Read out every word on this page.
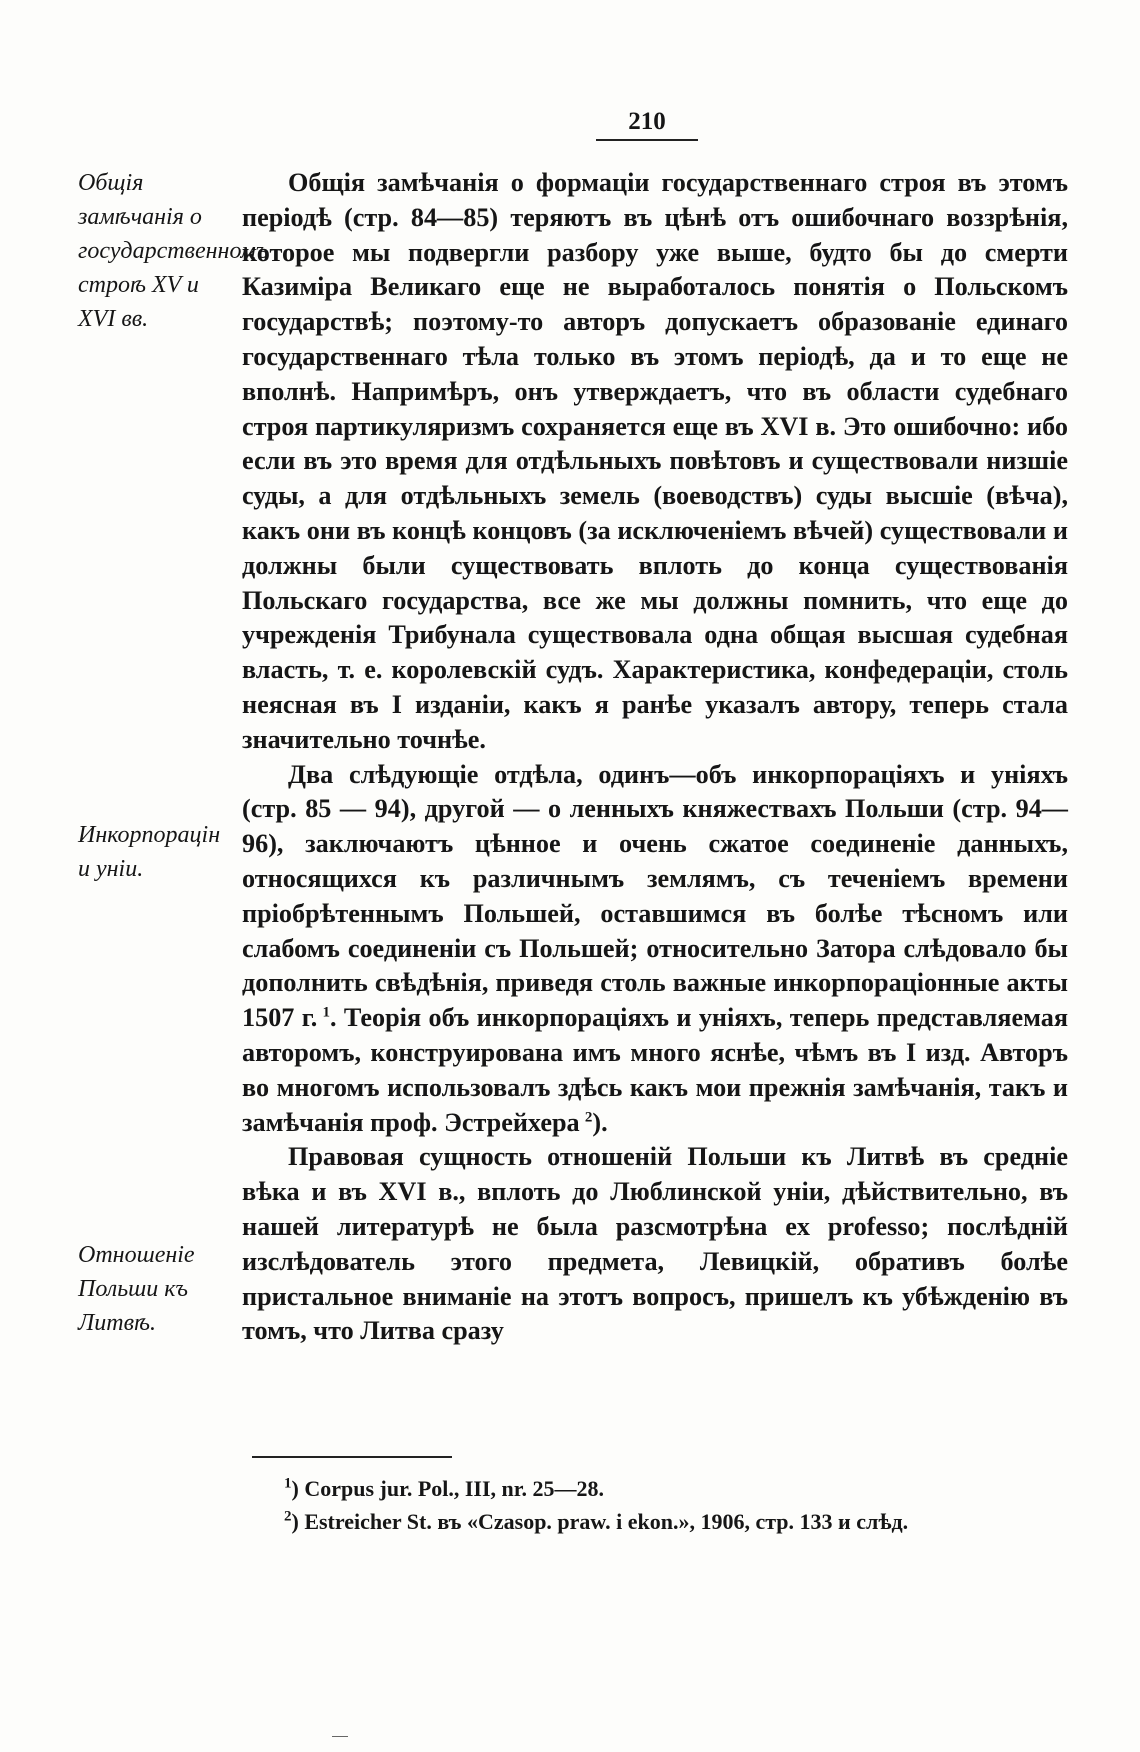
210
Общія замѣчанія о государственномъ строѣ XV и XVI вв.
Инкорпорацін и уніи.
Отношеніе Польши къ Литвѣ.

Общія замѣчанія о формаціи государственнаго строя въ этомъ періодѣ (стр. 84—85) теряютъ въ цѣнѣ отъ ошибочнаго воззрѣнія, которое мы подвергли разбору уже выше, будто бы до смерти Казиміра Великаго еще не выработалось понятія о Польскомъ государствѣ; поэтому-то авторъ допускаетъ образованіе единаго государственнаго тѣла только въ этомъ періодѣ, да и то еще не вполнѣ. Напримѣръ, онъ утверждаетъ, что въ области судебнаго строя партикуляризмъ сохраняется еще въ XVI в. Это ошибочно: ибо если въ это время для отдѣльныхъ повѣтовъ и существовали низшіе суды, а для отдѣльныхъ земель (воеводствъ) суды высшіе (вѣча), какъ они въ концѣ концовъ (за исключеніемъ вѣчей) существовали и должны были существовать вплоть до конца существованія Польскаго государства, все же мы должны помнить, что еще до учрежденія Трибунала существовала одна общая высшая судебная власть, т. е. королевскій судъ. Характеристика, конфедераціи, столь неясная въ I изданіи, какъ я ранѣе указалъ автору, теперь стала значительно точнѣе.

Два слѣдующіе отдѣла, одинъ—объ инкорпораціяхъ и уніяхъ (стр. 85 — 94), другой — о ленныхъ княжествахъ Польши (стр. 94—96), заключаютъ цѣнное и очень сжатое соединеніе данныхъ, относящихся къ различнымъ землямъ, съ теченіемъ времени пріобрѣтеннымъ Польшей, оставшимся въ болѣе тѣсномъ или слабомъ соединеніи съ Польшей; относительно Затора слѣдовало бы дополнить свѣдѣнія, приведя столь важные инкорпораціонные акты 1507 г.  $^1$. Теорія объ инкорпораціяхъ и уніяхъ, теперь представляемая авторомъ, конструирована имъ много яснѣе, чѣмъ въ I изд. Авторъ во многомъ использовалъ здѣсь какъ мои прежнія замѣчанія, такъ и замѣчанія проф. Эстрейхера  $^2$).

Правовая сущность отношеній Польши къ Литвѣ въ средніе вѣка и въ XVI в., вплоть до Люблинской уніи, дѣйствительно, въ нашей литературѣ не была разсмотрѣна ex professo; послѣдній изслѣдователь этого предмета, Левицкій, обративъ болѣе пристальное вниманіе на этотъ вопросъ, пришелъ къ убѣжденію въ томъ, что Литва сразу

$^1$) Corpus jur. Pol., III, nr. 25—28.
$^2$) Estreicher St. въ «Czasop. praw. i ekon.», 1906, стр. 133 и слѣд.
